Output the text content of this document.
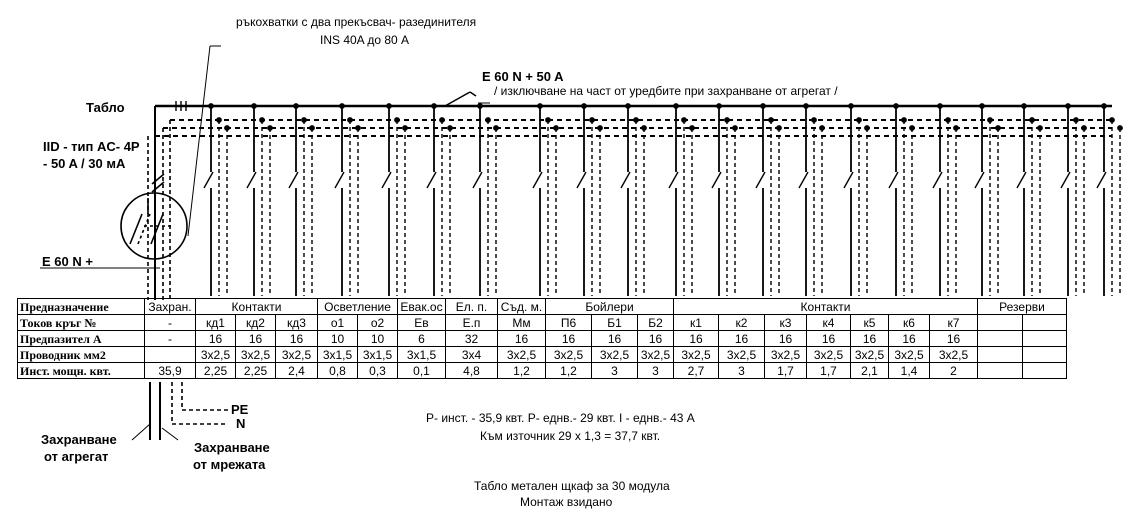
ръкохватки с два прекъсвач- разединителя
INS 40A до 80 A
E 60 N + 50 A
/ изключване на част от уредбите при захранване от агрегат /
Табло
IID - тип AC- 4P
- 50 A / 30 мА
E 60 N +
PE
N
Захранване
от агрегат
Захранване
от мрежата
P- инст. - 35,9 квт. P- еднв.- 29 квт. I - еднв.- 43 A
Към източник 29 x 1,3 = 37,7 квт.
Табло метален щкаф за 30 модула
Монтаж взидано
Предназначение	Захран.	Контакти			Осветление		Евак.ос	Ел. п.	Съд. м.	Бойлери			Контакти							Резерви	
Токов кръг №	-	кд1	кд2	кд3	о1	о2	Ев	Е.п	Мм	П6	Б1	Б2	к1	к2	к3	к4	к5	к6	к7		
Предпазител А	-	16	16	16	10	10	6	32	16	16	16	16	16	16	16	16	16	16	16		
Проводник мм2		3x2,5	3x2,5	3x2,5	3x1,5	3x1,5	3x1,5	3x4	3x2,5	3x2,5	3x2,5	3x2,5	3x2,5	3x2,5	3x2,5	3x2,5	3x2,5	3x2,5	3x2,5		
Инст. мощн. квт.	35,9	2,25	2,25	2,4	0,8	0,3	0,1	4,8	1,2	1,2	3	3	2,7	3	1,7	1,7	2,1	1,4	2		
